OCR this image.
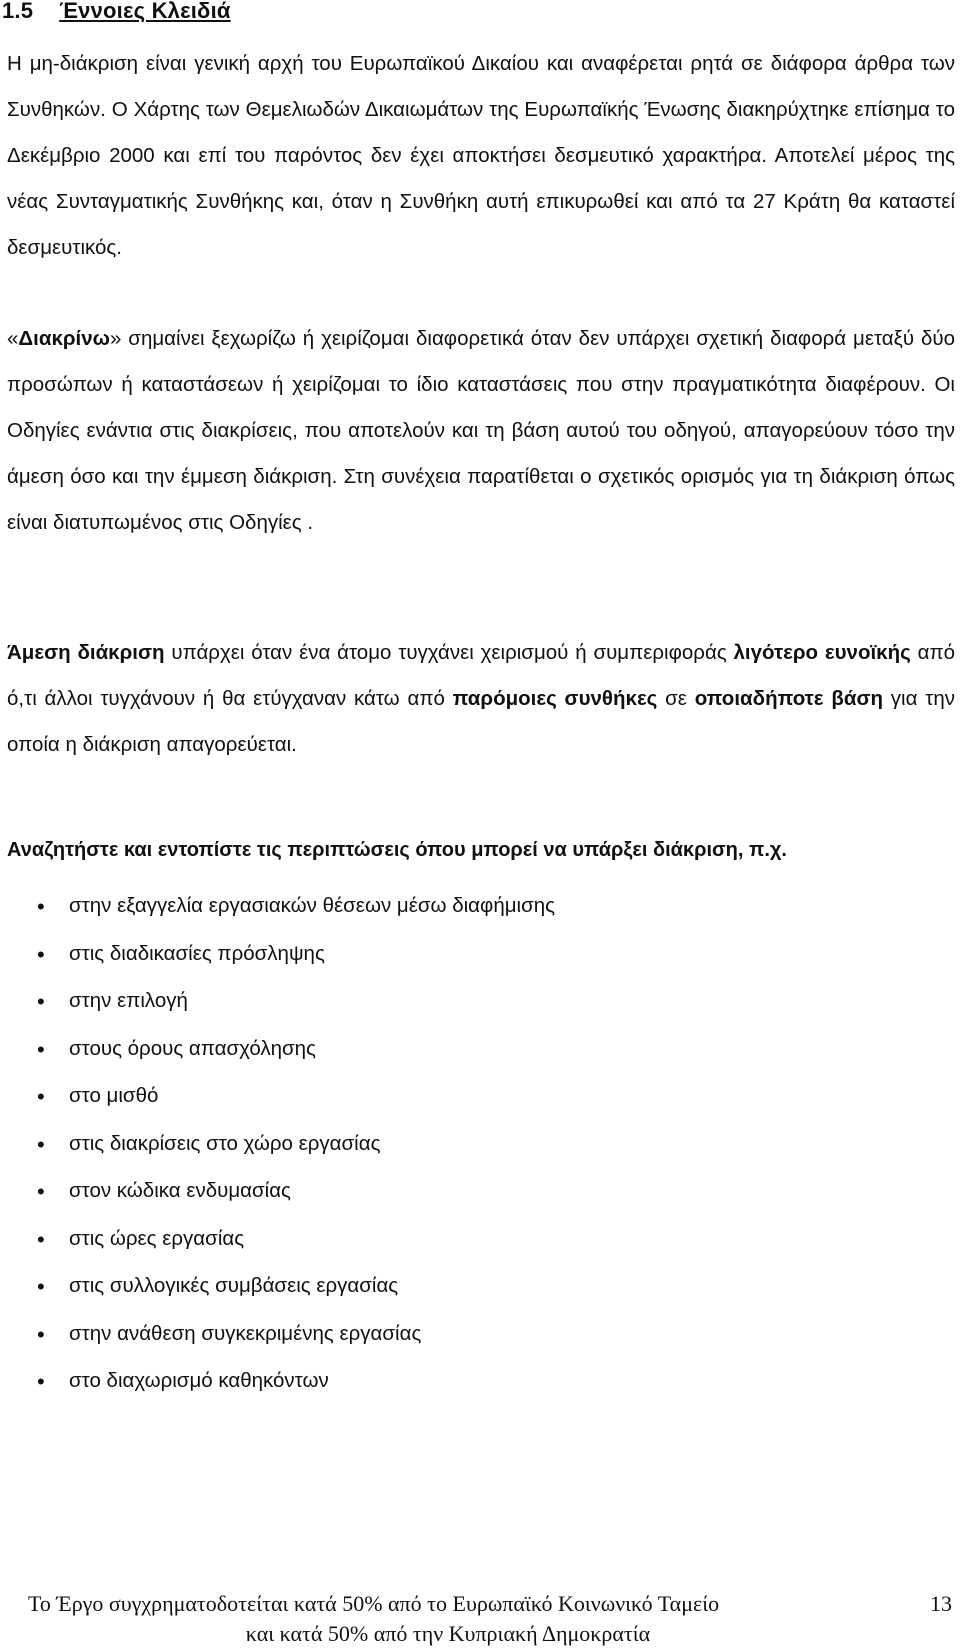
1.5 Έννοιες Κλειδιά

Η μη-διάκριση είναι γενική αρχή του Ευρωπαϊκού Δικαίου και αναφέρεται ρητά σε διάφορα άρθρα των Συνθηκών. Ο Χάρτης των Θεμελιωδών Δικαιωμάτων της Ευρωπαϊκής Ένωσης διακηρύχτηκε επίσημα το Δεκέμβριο 2000 και επί του παρόντος δεν έχει αποκτήσει δεσμευτικό χαρακτήρα. Αποτελεί μέρος της νέας Συνταγματικής Συνθήκης και, όταν η Συνθήκη αυτή επικυρωθεί και από τα 27 Κράτη θα καταστεί δεσμευτικός.

«Διακρίνω» σημαίνει ξεχωρίζω ή χειρίζομαι διαφορετικά όταν δεν υπάρχει σχετική διαφορά μεταξύ δύο προσώπων ή καταστάσεων ή χειρίζομαι το ίδιο καταστάσεις που στην πραγματικότητα διαφέρουν. Οι Οδηγίες ενάντια στις διακρίσεις, που αποτελούν και τη βάση αυτού του οδηγού, απαγορεύουν τόσο την άμεση όσο και την έμμεση διάκριση. Στη συνέχεια παρατίθεται ο σχετικός ορισμός για τη διάκριση όπως είναι διατυπωμένος στις Οδηγίες .

Άμεση διάκριση υπάρχει όταν ένα άτομο τυγχάνει χειρισμού ή συμπεριφοράς λιγότερο ευνοϊκής από ό,τι άλλοι τυγχάνουν ή θα ετύγχαναν κάτω από παρόμοιες συνθήκες σε οποιαδήποτε βάση για την οποία η διάκριση απαγορεύεται.

Αναζητήστε και εντοπίστε τις περιπτώσεις όπου μπορεί να υπάρξει διάκριση, π.χ.
• στην εξαγγελία εργασιακών θέσεων μέσω διαφήμισης
• στις διαδικασίες πρόσληψης
• στην επιλογή
• στους όρους απασχόλησης
• στο μισθό
• στις διακρίσεις στο χώρο εργασίας
• στον κώδικα ενδυμασίας
• στις ώρες εργασίας
• στις συλλογικές συμβάσεις εργασίας
• στην ανάθεση συγκεκριμένης εργασίας
• στο διαχωρισμό καθηκόντων
Το Έργο συγχρηματοδοτείται κατά 50% από το Ευρωπαϊκό Κοινωνικό Ταμείο	13
και κατά 50% από την Κυπριακή Δημοκρατία
